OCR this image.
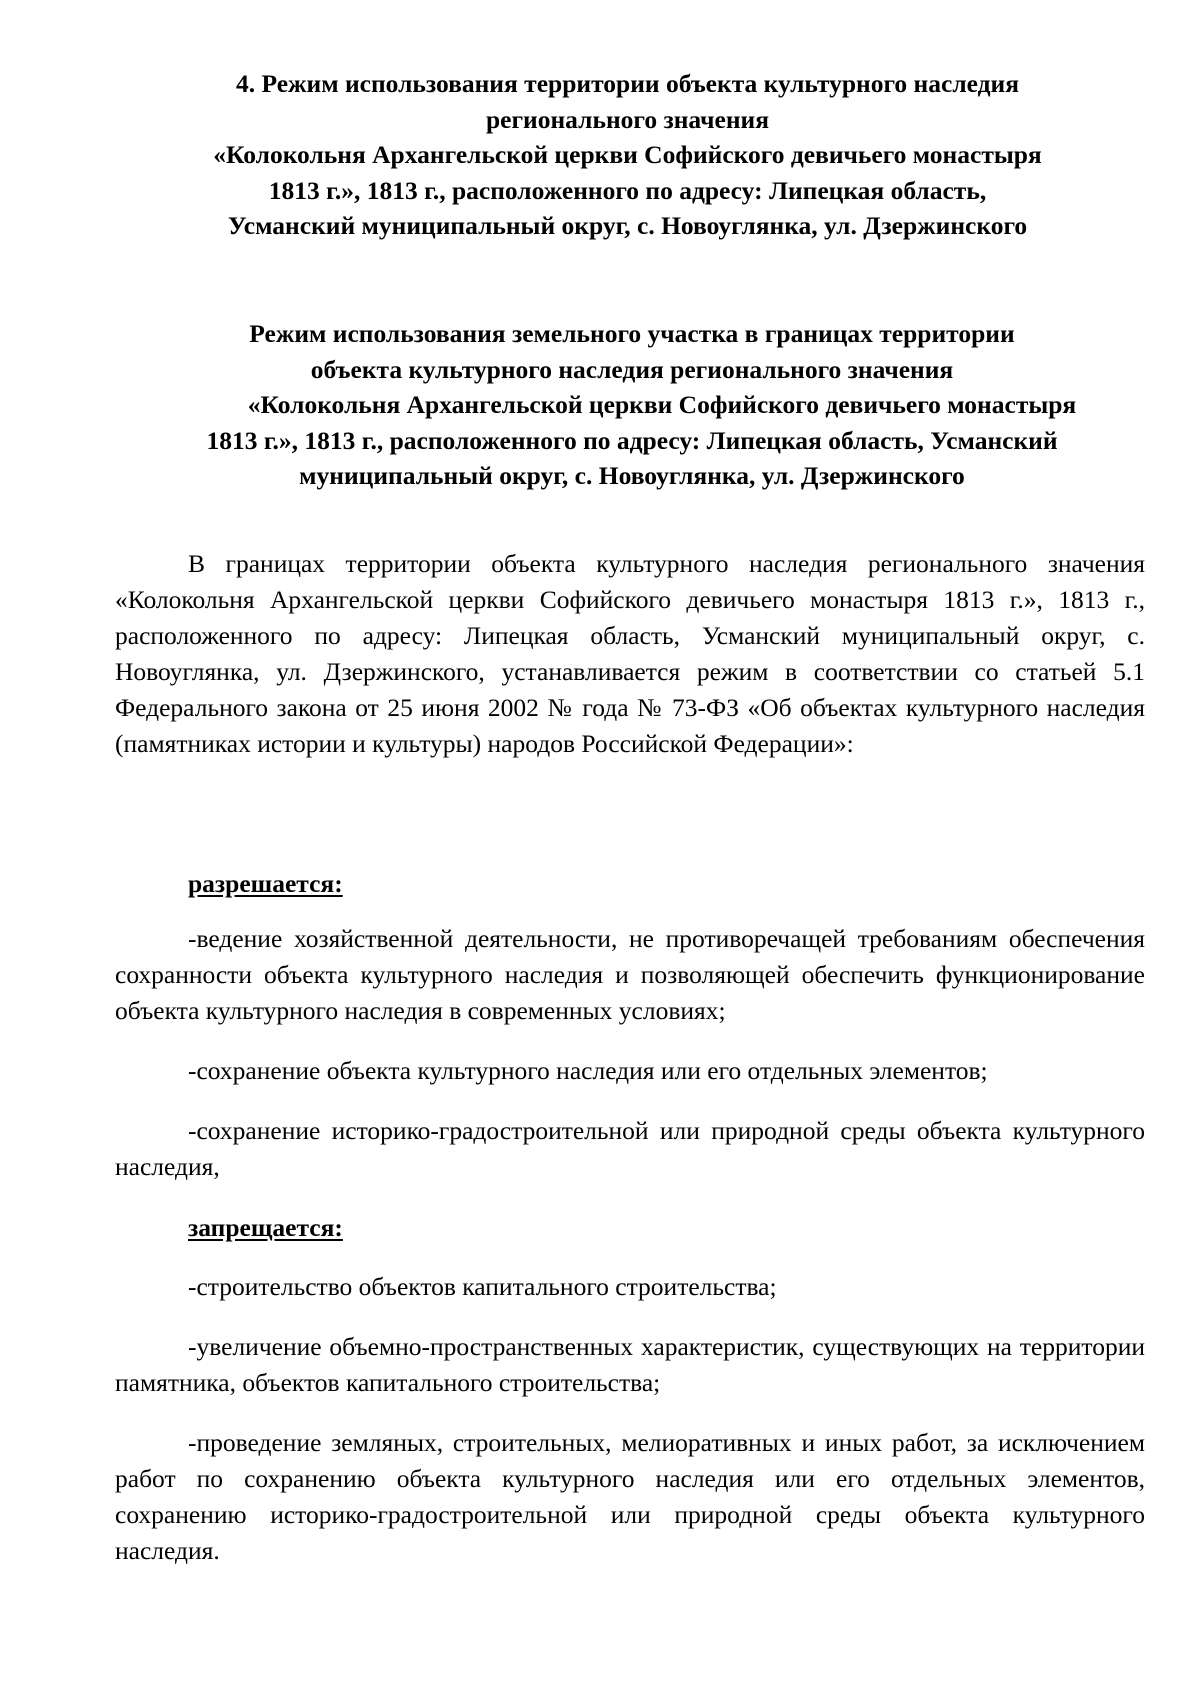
4. Режим использования территории объекта культурного наследия
регионального значения
«Колокольня Архангельской церкви Софийского девичьего монастыря
1813 г.», 1813 г., расположенного по адресу: Липецкая область,
Усманский муниципальный округ, с. Новоуглянка, ул. Дзержинского
Режим использования земельного участка в границах территории
объекта культурного наследия регионального значения
«Колокольня Архангельской церкви Софийского девичьего монастыря
1813 г.», 1813 г., расположенного по адресу: Липецкая область, Усманский
муниципальный округ, с. Новоуглянка, ул. Дзержинского

В границах территории объекта культурного наследия регионального значения «Колокольня Архангельской церкви Софийского девичьего монастыря 1813 г.», 1813 г., расположенного по адресу: Липецкая область, Усманский муниципальный округ, с. Новоуглянка, ул. Дзержинского, устанавливается режим в соответствии со статьей 5.1 Федерального закона от 25 июня 2002 № года № 73-ФЗ «Об объектах культурного наследия (памятниках истории и культуры) народов Российской Федерации»:

разрешается:

-ведение хозяйственной деятельности, не противоречащей требованиям обеспечения сохранности объекта культурного наследия и позволяющей обеспечить функционирование объекта культурного наследия в современных условиях;

-сохранение объекта культурного наследия или его отдельных элементов;

-сохранение историко-градостроительной или природной среды объекта культурного наследия,

запрещается:

-строительство объектов капитального строительства;

-увеличение объемно-пространственных характеристик, существующих на территории памятника, объектов капитального строительства;

-проведение земляных, строительных, мелиоративных и иных работ, за исключением работ по сохранению объекта культурного наследия или его отдельных элементов, сохранению историко-градостроительной или природной среды объекта культурного наследия.
